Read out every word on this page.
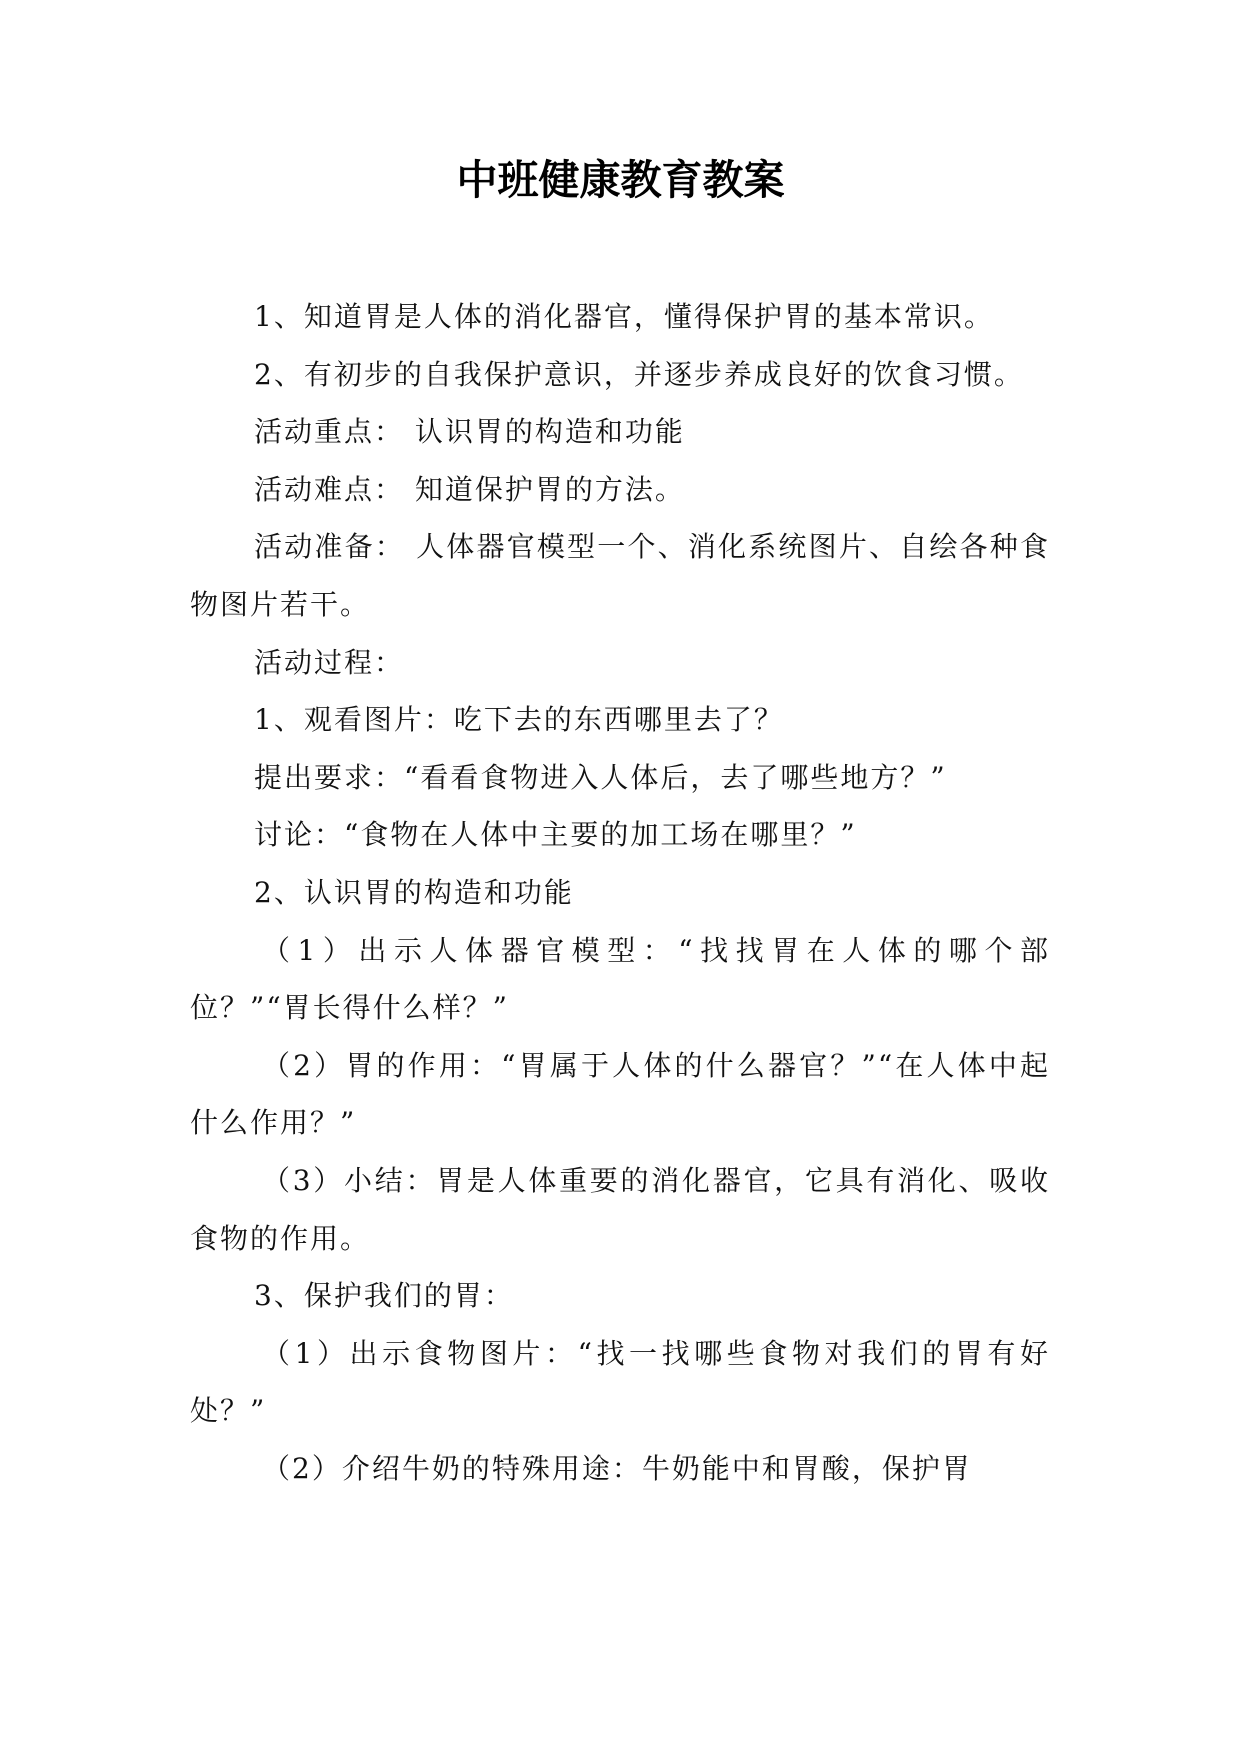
中班健康教育教案

1、知道胃是人体的消化器官，懂得保护胃的基本常识。

2、有初步的自我保护意识，并逐步养成良好的饮食习惯。

活动重点： 认识胃的构造和功能

活动难点： 知道保护胃的方法。

活动准备： 人体器官模型一个、消化系统图片、自绘各种食物图片若干。

活动过程：

1、观看图片：吃下去的东西哪里去了？

提出要求：“看看食物进入人体后，去了哪些地方？”

讨论：“食物在人体中主要的加工场在哪里？”

2、认识胃的构造和功能

（1）出示人体器官模型：“找找胃在人体的哪个部位？”“胃长得什么样？”

（2）胃的作用：“胃属于人体的什么器官？”“在人体中起什么作用？”

（3）小结：胃是人体重要的消化器官，它具有消化、吸收食物的作用。

3、保护我们的胃：

（1）出示食物图片：“找一找哪些食物对我们的胃有好处？”

（2）介绍牛奶的特殊用途：牛奶能中和胃酸，保护胃
